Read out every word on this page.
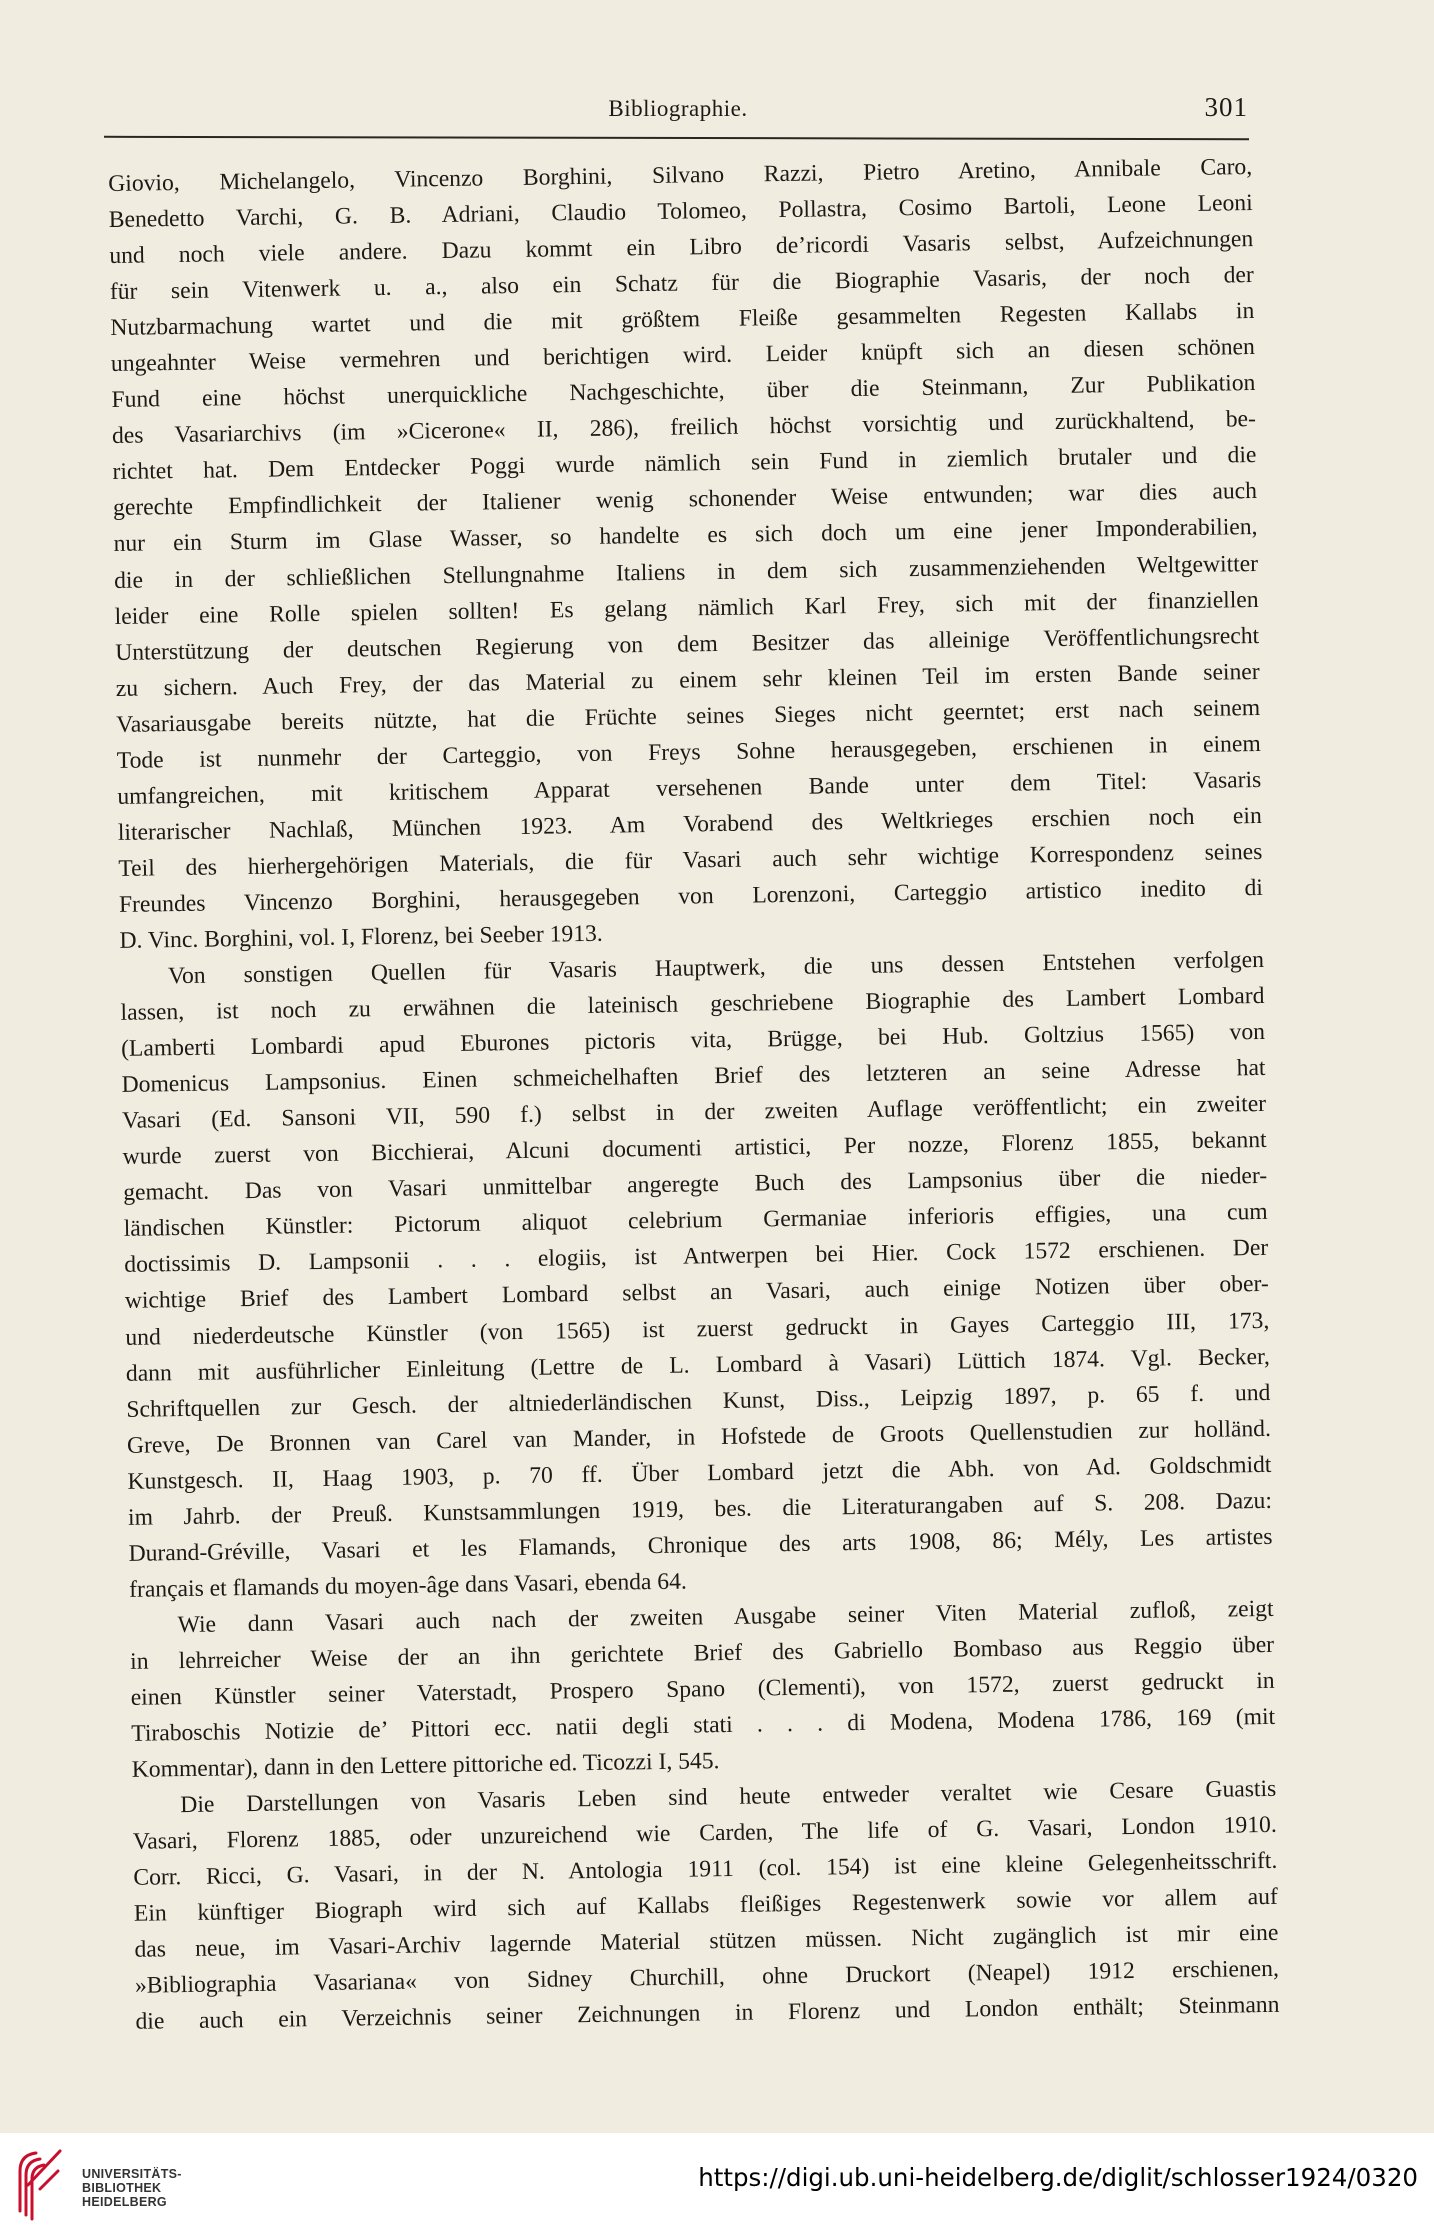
Bibliographie.	301
Giovio, Michelangelo, Vincenzo Borghini, Silvano Razzi, Pietro Aretino, Annibale Caro,
Benedetto Varchi, G. B. Adriani, Claudio Tolomeo, Pollastra, Cosimo Bartoli, Leone Leoni
und noch viele andere. Dazu kommt ein Libro de’ricordi Vasaris selbst, Aufzeichnungen
für sein Vitenwerk u. a., also ein Schatz für die Biographie Vasaris, der noch der
Nutzbarmachung wartet und die mit größtem Fleiße gesammelten Regesten Kallabs in
ungeahnter Weise vermehren und berichtigen wird. Leider knüpft sich an diesen schönen
Fund eine höchst unerquickliche Nachgeschichte, über die Steinmann, Zur Publikation
des Vasariarchivs (im »Cicerone« II, 286), freilich höchst vorsichtig und zurückhaltend, be-
richtet hat. Dem Entdecker Poggi wurde nämlich sein Fund in ziemlich brutaler und die
gerechte Empfindlichkeit der Italiener wenig schonender Weise entwunden; war dies auch
nur ein Sturm im Glase Wasser, so handelte es sich doch um eine jener Imponderabilien,
die in der schließlichen Stellungnahme Italiens in dem sich zusammenziehenden Weltgewitter
leider eine Rolle spielen sollten! Es gelang nämlich Karl Frey, sich mit der finanziellen
Unterstützung der deutschen Regierung von dem Besitzer das alleinige Veröffentlichungsrecht
zu sichern. Auch Frey, der das Material zu einem sehr kleinen Teil im ersten Bande seiner
Vasariausgabe bereits nützte, hat die Früchte seines Sieges nicht geerntet; erst nach seinem
Tode ist nunmehr der Carteggio, von Freys Sohne herausgegeben, erschienen in einem
umfangreichen, mit kritischem Apparat versehenen Bande unter dem Titel: Vasaris
literarischer Nachlaß, München 1923. Am Vorabend des Weltkrieges erschien noch ein
Teil des hierhergehörigen Materials, die für Vasari auch sehr wichtige Korrespondenz seines
Freundes Vincenzo Borghini, herausgegeben von Lorenzoni, Carteggio artistico inedito di
D. Vinc. Borghini, vol. I, Florenz, bei Seeber 1913.
Von sonstigen Quellen für Vasaris Hauptwerk, die uns dessen Entstehen verfolgen
lassen, ist noch zu erwähnen die lateinisch geschriebene Biographie des Lambert Lombard
(Lamberti Lombardi apud Eburones pictoris vita, Brügge, bei Hub. Goltzius 1565) von
Domenicus Lampsonius. Einen schmeichelhaften Brief des letzteren an seine Adresse hat
Vasari (Ed. Sansoni VII, 590 f.) selbst in der zweiten Auflage veröffentlicht; ein zweiter
wurde zuerst von Bicchierai, Alcuni documenti artistici, Per nozze, Florenz 1855, bekannt
gemacht. Das von Vasari unmittelbar angeregte Buch des Lampsonius über die nieder-
ländischen Künstler: Pictorum aliquot celebrium Germaniae inferioris effigies, una cum
doctissimis D. Lampsonii . . . elogiis, ist Antwerpen bei Hier. Cock 1572 erschienen. Der
wichtige Brief des Lambert Lombard selbst an Vasari, auch einige Notizen über ober-
und niederdeutsche Künstler (von 1565) ist zuerst gedruckt in Gayes Carteggio III, 173,
dann mit ausführlicher Einleitung (Lettre de L. Lombard à Vasari) Lüttich 1874. Vgl. Becker,
Schriftquellen zur Gesch. der altniederländischen Kunst, Diss., Leipzig 1897, p. 65 f. und
Greve, De Bronnen van Carel van Mander, in Hofstede de Groots Quellenstudien zur holländ.
Kunstgesch. II, Haag 1903, p. 70 ff. Über Lombard jetzt die Abh. von Ad. Goldschmidt
im Jahrb. der Preuß. Kunstsammlungen 1919, bes. die Literaturangaben auf S. 208. Dazu:
Durand-Gréville, Vasari et les Flamands, Chronique des arts 1908, 86; Mély, Les artistes
français et flamands du moyen-âge dans Vasari, ebenda 64.
Wie dann Vasari auch nach der zweiten Ausgabe seiner Viten Material zufloß, zeigt
in lehrreicher Weise der an ihn gerichtete Brief des Gabriello Bombaso aus Reggio über
einen Künstler seiner Vaterstadt, Prospero Spano (Clementi), von 1572, zuerst gedruckt in
Tiraboschis Notizie de’ Pittori ecc. natii degli stati . . . di Modena, Modena 1786, 169 (mit
Kommentar), dann in den Lettere pittoriche ed. Ticozzi I, 545.
Die Darstellungen von Vasaris Leben sind heute entweder veraltet wie Cesare Guastis
Vasari, Florenz 1885, oder unzureichend wie Carden, The life of G. Vasari, London 1910.
Corr. Ricci, G. Vasari, in der N. Antologia 1911 (col. 154) ist eine kleine Gelegenheitsschrift.
Ein künftiger Biograph wird sich auf Kallabs fleißiges Regestenwerk sowie vor allem auf
das neue, im Vasari-Archiv lagernde Material stützen müssen. Nicht zugänglich ist mir eine
»Bibliographia Vasariana« von Sidney Churchill, ohne Druckort (Neapel) 1912 erschienen,
die auch ein Verzeichnis seiner Zeichnungen in Florenz und London enthält; Steinmann
UNIVERSITÄTS-
BIBLIOTHEK
HEIDELBERG
https://digi.ub.uni-heidelberg.de/diglit/schlosser1924/0320
